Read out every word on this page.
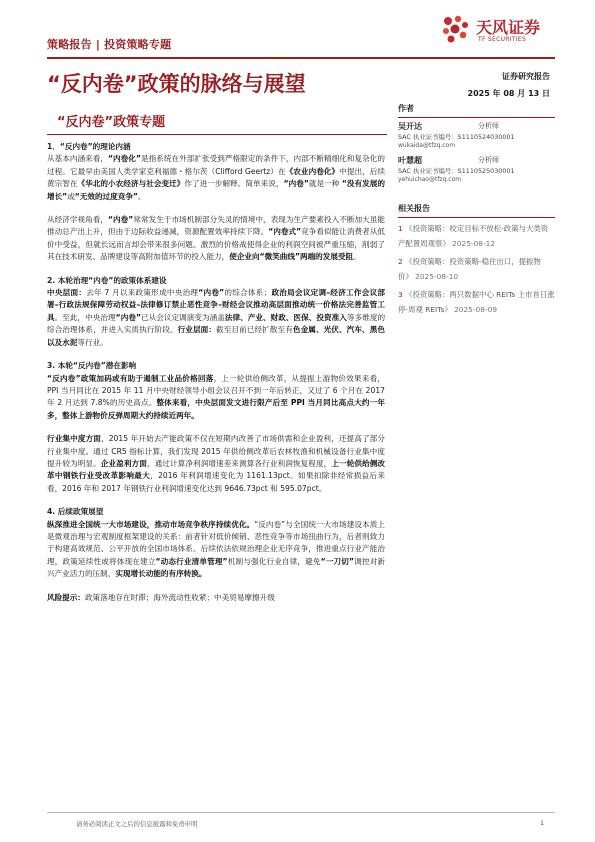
天风证券
TF SECURITIES
策略报告 | 投资策略专题
“反内卷”政策的脉络与展望	证券研究报告
2025 年 08 月 13 日
“反内卷”政策专题

1．“反内卷”的理论内涵

从基本内涵来看，“内卷化”是指系统在外部扩张受到严格限定的条件下，内部不断精细化和复杂化的过程。它最早由美国人类学家克利福德・格尔茨（Clifford Geertz）在《农业内卷化》中提出，后续黄宗智在《华北的小农经济与社会变迁》作了进一步解释。简单来说，“内卷”就是一种 “没有发展的增长”或“无效的过度竞争”。

从经济学视角看，“内卷”常常发生于市场机制部分失灵的情境中，表现为生产要素投入不断加大虽能推动总产出上升，但由于边际收益递减，资源配置效率持续下降。“内卷式”竞争看似能让消费者从低价中受益，但就长远而言却会带来很多问题。激烈的价格战使得企业的利润空间被严重压缩，削弱了其在技术研发、品牌建设等高附加值环节的投入能力，使企业向“微笑曲线”两端的发展受阻。

2. 本轮治理“内卷”的政策体系建设

中央层面：去年 7 月以来政策形成中央治理“内卷”的综合体系；政治局会议定调–经济工作会议部署–行政法规保障劳动权益–法律修订禁止恶性竞争–财经会议推动高层面推动统一价格法完善监管工具。至此，中央治理“内卷”已从会议定调演变为涵盖法律、产业、财政、医保、投资准入等多维度的综合治理体系，并进入实质执行阶段。行业层面：截至目前已经扩散至有色金属、光伏、汽车、黑色以及水泥等行业。

3. 本轮“反内卷”潜在影响

“反内卷”政策加码或有助于遏制工业品价格回落。上一轮供给侧改革，从提振上游物价效果来看，PPI 当月同比在 2015 年 11 月中央财经领导小组会议召开不到一年后转正，又过了 6 个月在 2017 年 2 月达到 7.8%的历史高点。整体来看，中央层面发文进行限产后至 PPI 当月同比高点大约一年多，整体上游物价反弹周期大约持续近两年。

行业集中度方面，2015 年开始去产能政策不仅在短期内改善了市场供需和企业盈利，还提高了部分行业集中度。通过 CR5 指标计算，我们发现 2015 年供给侧改革后农林牧渔和机械设备行业集中度提升较为明显。企业盈利方面，通过计算净利润增速差来测算各行业利润恢复程度，上一轮供给侧改革中钢铁行业受改革影响最大，2016 年利润增速变化为 1161.13pct。如果扣除非经常损益后来看，2016 年和 2017 年钢铁行业利润增速变化达到 9646.73pct 和 595.07pct。

4. 后续政策展望

纵深推进全国统一大市场建设，推动市场竞争秩序持续优化。“反内卷”与全国统一大市场建设本质上是微观治理与宏观制度框架建设的关系：前者针对低价倾销、恶性竞争等市场扭曲行为，后者则致力于构建高效规范、公平开放的全国市场体系。后续依法依规治理企业无序竞争，推进重点行业产能治理，政策延续性或将体现在建立“动态行业清单管理”机制与强化行业自律，避免“一刀切”调控对新兴产业活力的压制，实现增长动能的有序转换。

风险提示：政策落地存在时滞；海外流动性收紧；中美贸易摩擦升级

作者
吴开达	分析师
SAC 执业证书编号：S1110524030001
wukaida@tfzq.com
叶慧超	分析师
SAC 执业证书编号：S1110525030001
yehuichao@tfzq.com
相关报告
1 《投资策略：咬定目标不放松-政策与大类资产配置周观察》 2025-08-12
2 《投资策略：投资策略-稳住出口，提振物价》 2025-08-10
3 《投资策略：两只数据中心 REITs 上市首日涨停-周观 REITs》 2025-08-09
请务必阅读正文之后的信息披露和免责申明	1
